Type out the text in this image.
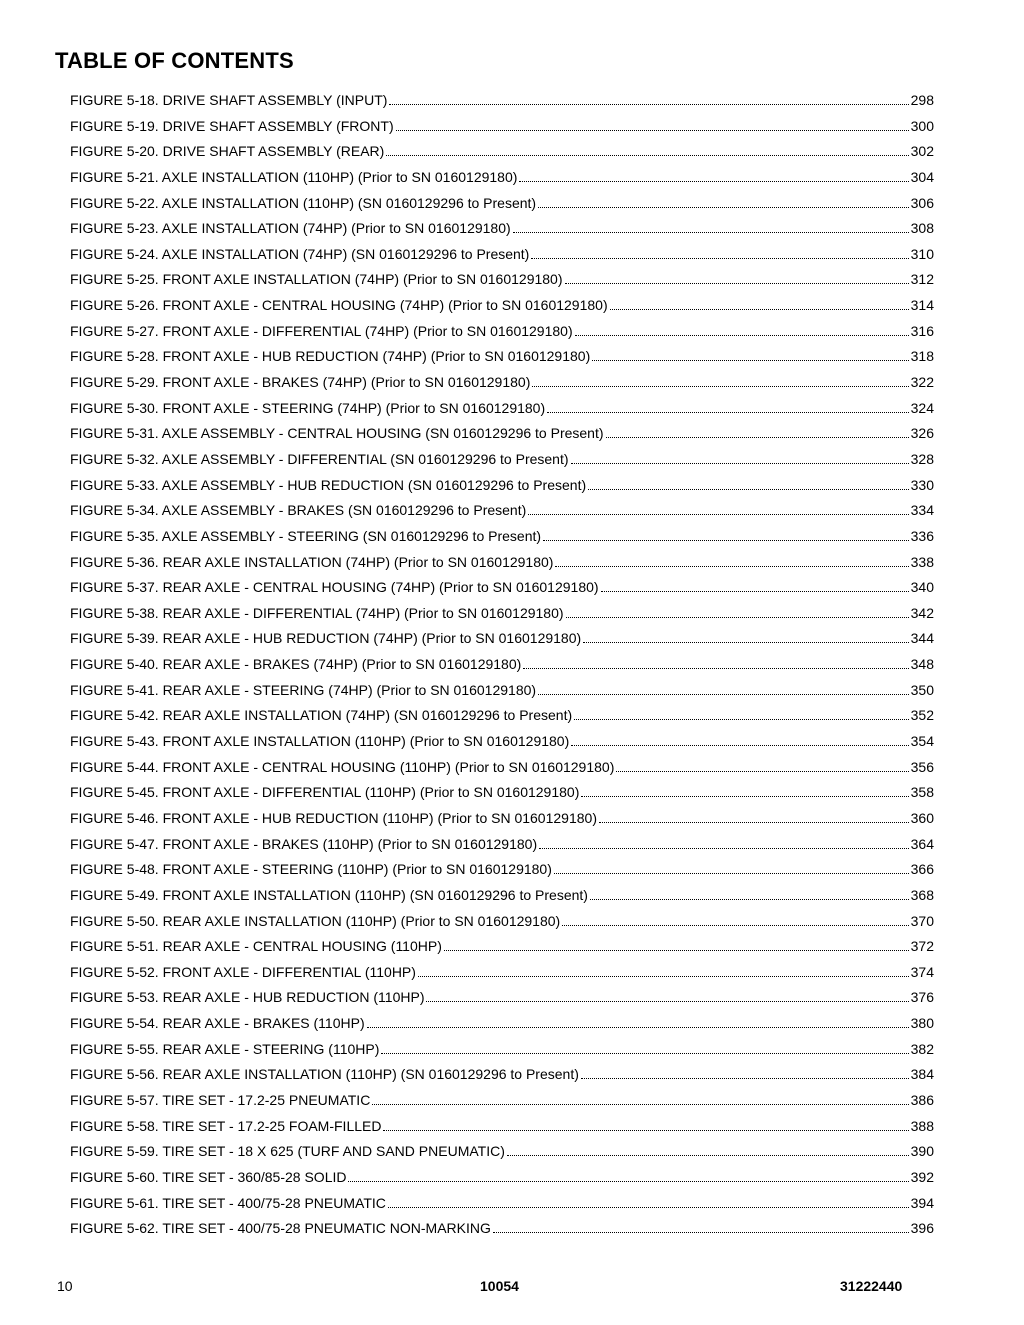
TABLE OF CONTENTS
FIGURE 5-18. DRIVE SHAFT ASSEMBLY (INPUT)	298
FIGURE 5-19. DRIVE SHAFT ASSEMBLY (FRONT)	300
FIGURE 5-20. DRIVE SHAFT ASSEMBLY (REAR)	302
FIGURE 5-21. AXLE INSTALLATION (110HP) (Prior to SN 0160129180)	304
FIGURE 5-22. AXLE INSTALLATION (110HP) (SN 0160129296 to Present)	306
FIGURE 5-23. AXLE INSTALLATION (74HP) (Prior to SN 0160129180)	308
FIGURE 5-24. AXLE INSTALLATION (74HP) (SN 0160129296 to Present)	310
FIGURE 5-25. FRONT AXLE INSTALLATION (74HP) (Prior to SN 0160129180)	312
FIGURE 5-26. FRONT AXLE - CENTRAL HOUSING (74HP) (Prior to SN 0160129180)	314
FIGURE 5-27. FRONT AXLE - DIFFERENTIAL (74HP) (Prior to SN 0160129180)	316
FIGURE 5-28. FRONT AXLE - HUB REDUCTION (74HP) (Prior to SN 0160129180)	318
FIGURE 5-29. FRONT AXLE - BRAKES (74HP) (Prior to SN 0160129180)	322
FIGURE 5-30. FRONT AXLE - STEERING (74HP) (Prior to SN 0160129180)	324
FIGURE 5-31. AXLE ASSEMBLY - CENTRAL HOUSING (SN 0160129296 to Present)	326
FIGURE 5-32. AXLE ASSEMBLY - DIFFERENTIAL (SN 0160129296 to Present)	328
FIGURE 5-33. AXLE ASSEMBLY - HUB REDUCTION (SN 0160129296 to Present)	330
FIGURE 5-34. AXLE ASSEMBLY - BRAKES (SN 0160129296 to Present)	334
FIGURE 5-35. AXLE ASSEMBLY - STEERING (SN 0160129296 to Present)	336
FIGURE 5-36. REAR AXLE INSTALLATION (74HP) (Prior to SN 0160129180)	338
FIGURE 5-37. REAR AXLE - CENTRAL HOUSING (74HP) (Prior to SN 0160129180)	340
FIGURE 5-38. REAR AXLE - DIFFERENTIAL (74HP) (Prior to SN 0160129180)	342
FIGURE 5-39. REAR AXLE - HUB REDUCTION (74HP) (Prior to SN 0160129180)	344
FIGURE 5-40. REAR AXLE - BRAKES (74HP) (Prior to SN 0160129180)	348
FIGURE 5-41. REAR AXLE - STEERING (74HP) (Prior to SN 0160129180)	350
FIGURE 5-42. REAR AXLE INSTALLATION (74HP) (SN 0160129296 to Present)	352
FIGURE 5-43. FRONT AXLE INSTALLATION (110HP) (Prior to SN 0160129180)	354
FIGURE 5-44. FRONT AXLE - CENTRAL HOUSING (110HP) (Prior to SN 0160129180)	356
FIGURE 5-45. FRONT AXLE - DIFFERENTIAL (110HP) (Prior to SN 0160129180)	358
FIGURE 5-46. FRONT AXLE - HUB REDUCTION (110HP) (Prior to SN 0160129180)	360
FIGURE 5-47. FRONT AXLE - BRAKES (110HP) (Prior to SN 0160129180)	364
FIGURE 5-48. FRONT AXLE - STEERING (110HP) (Prior to SN 0160129180)	366
FIGURE 5-49. FRONT AXLE INSTALLATION (110HP) (SN 0160129296 to Present)	368
FIGURE 5-50. REAR AXLE INSTALLATION (110HP) (Prior to SN 0160129180)	370
FIGURE 5-51. REAR AXLE - CENTRAL HOUSING (110HP)	372
FIGURE 5-52. FRONT AXLE - DIFFERENTIAL (110HP)	374
FIGURE 5-53. REAR AXLE - HUB REDUCTION (110HP)	376
FIGURE 5-54. REAR AXLE - BRAKES (110HP)	380
FIGURE 5-55. REAR AXLE - STEERING (110HP)	382
FIGURE 5-56. REAR AXLE INSTALLATION (110HP) (SN 0160129296 to Present)	384
FIGURE 5-57. TIRE SET - 17.2-25 PNEUMATIC	386
FIGURE 5-58. TIRE SET - 17.2-25 FOAM-FILLED	388
FIGURE 5-59. TIRE SET - 18 X 625 (TURF AND SAND PNEUMATIC)	390
FIGURE 5-60. TIRE SET - 360/85-28 SOLID	392
FIGURE 5-61. TIRE SET - 400/75-28 PNEUMATIC	394
FIGURE 5-62. TIRE SET - 400/75-28 PNEUMATIC NON-MARKING	396
10	10054	31222440
